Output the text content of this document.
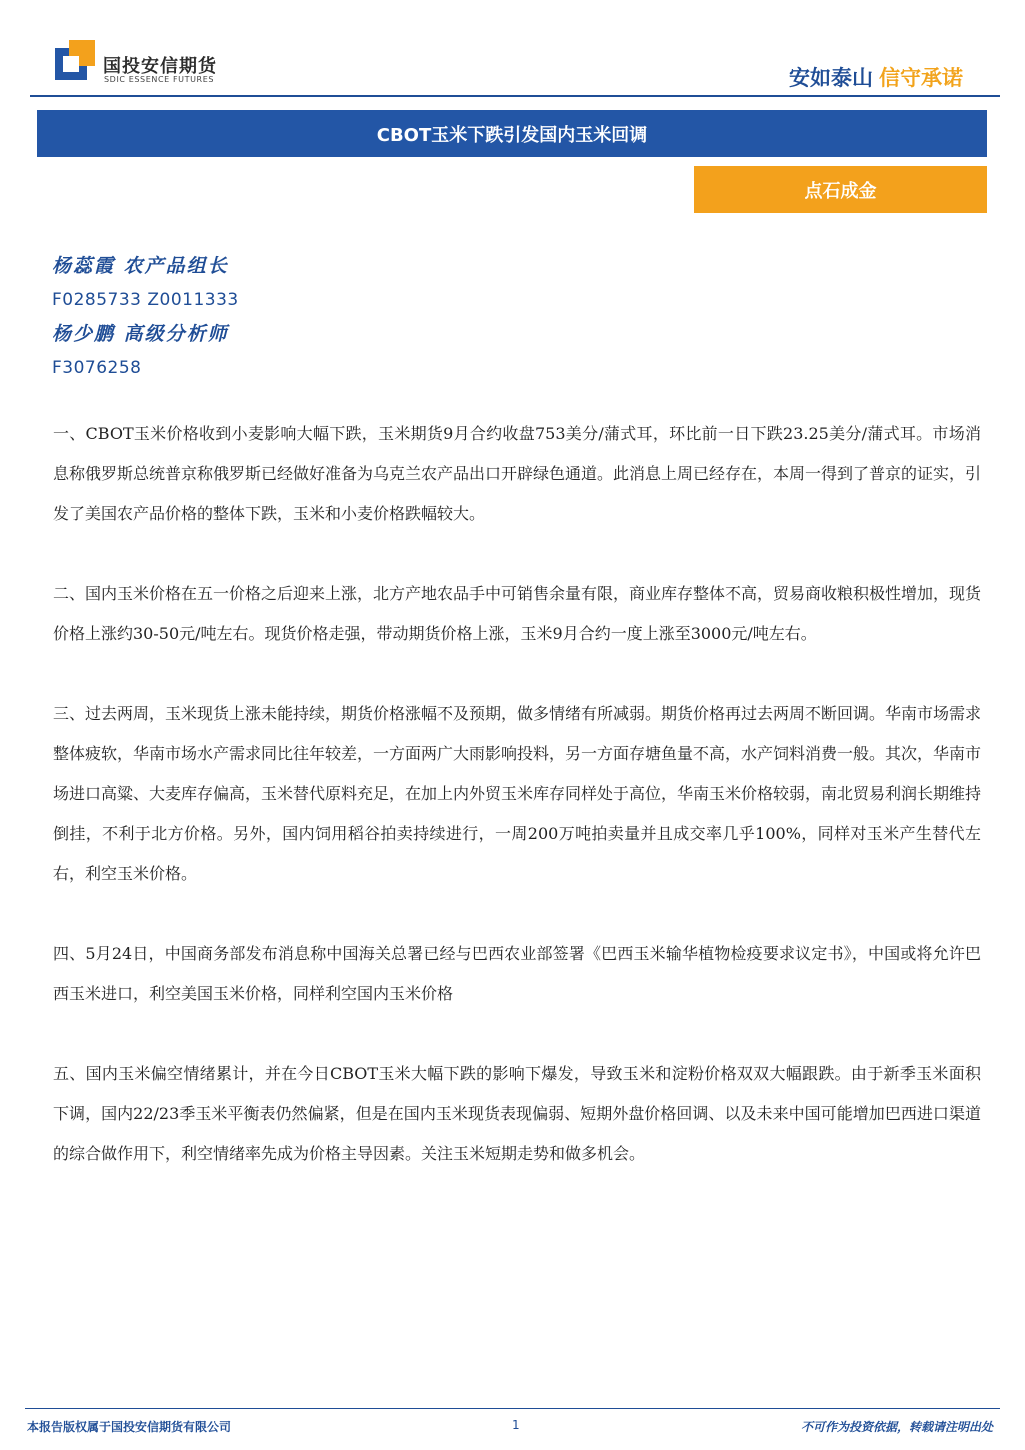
国投安信期货
SDIC ESSENCE FUTURES	安如泰山 信守承诺
CBOT玉米下跌引发国内玉米回调
点石成金
杨蕊霞 农产品组长
F0285733 Z0011333
杨少鹏 高级分析师
F3076258

一、CBOT玉米价格收到小麦影响大幅下跌，玉米期货9月合约收盘753美分/蒲式耳，环比前一日下跌23.25美分/蒲式耳。市场消息称俄罗斯总统普京称俄罗斯已经做好准备为乌克兰农产品出口开辟绿色通道。此消息上周已经存在，本周一得到了普京的证实，引发了美国农产品价格的整体下跌，玉米和小麦价格跌幅较大。

二、国内玉米价格在五一价格之后迎来上涨，北方产地农品手中可销售余量有限，商业库存整体不高，贸易商收粮积极性增加，现货价格上涨约30-50元/吨左右。现货价格走强，带动期货价格上涨，玉米9月合约一度上涨至3000元/吨左右。

三、过去两周，玉米现货上涨未能持续，期货价格涨幅不及预期，做多情绪有所减弱。期货价格再过去两周不断回调。华南市场需求整体疲软，华南市场水产需求同比往年较差，一方面两广大雨影响投料，另一方面存塘鱼量不高，水产饲料消费一般。其次，华南市场进口高粱、大麦库存偏高，玉米替代原料充足，在加上内外贸玉米库存同样处于高位，华南玉米价格较弱，南北贸易利润长期维持倒挂，不利于北方价格。另外，国内饲用稻谷拍卖持续进行，一周200万吨拍卖量并且成交率几乎100%，同样对玉米产生替代左右，利空玉米价格。

四、5月24日，中国商务部发布消息称中国海关总署已经与巴西农业部签署《巴西玉米输华植物检疫要求议定书》，中国或将允许巴西玉米进口，利空美国玉米价格，同样利空国内玉米价格

五、国内玉米偏空情绪累计，并在今日CBOT玉米大幅下跌的影响下爆发，导致玉米和淀粉价格双双大幅跟跌。由于新季玉米面积下调，国内22/23季玉米平衡表仍然偏紧，但是在国内玉米现货表现偏弱、短期外盘价格回调、以及未来中国可能增加巴西进口渠道的综合做作用下，利空情绪率先成为价格主导因素。关注玉米短期走势和做多机会。

本报告版权属于国投安信期货有限公司	1	不可作为投资依据，转载请注明出处
